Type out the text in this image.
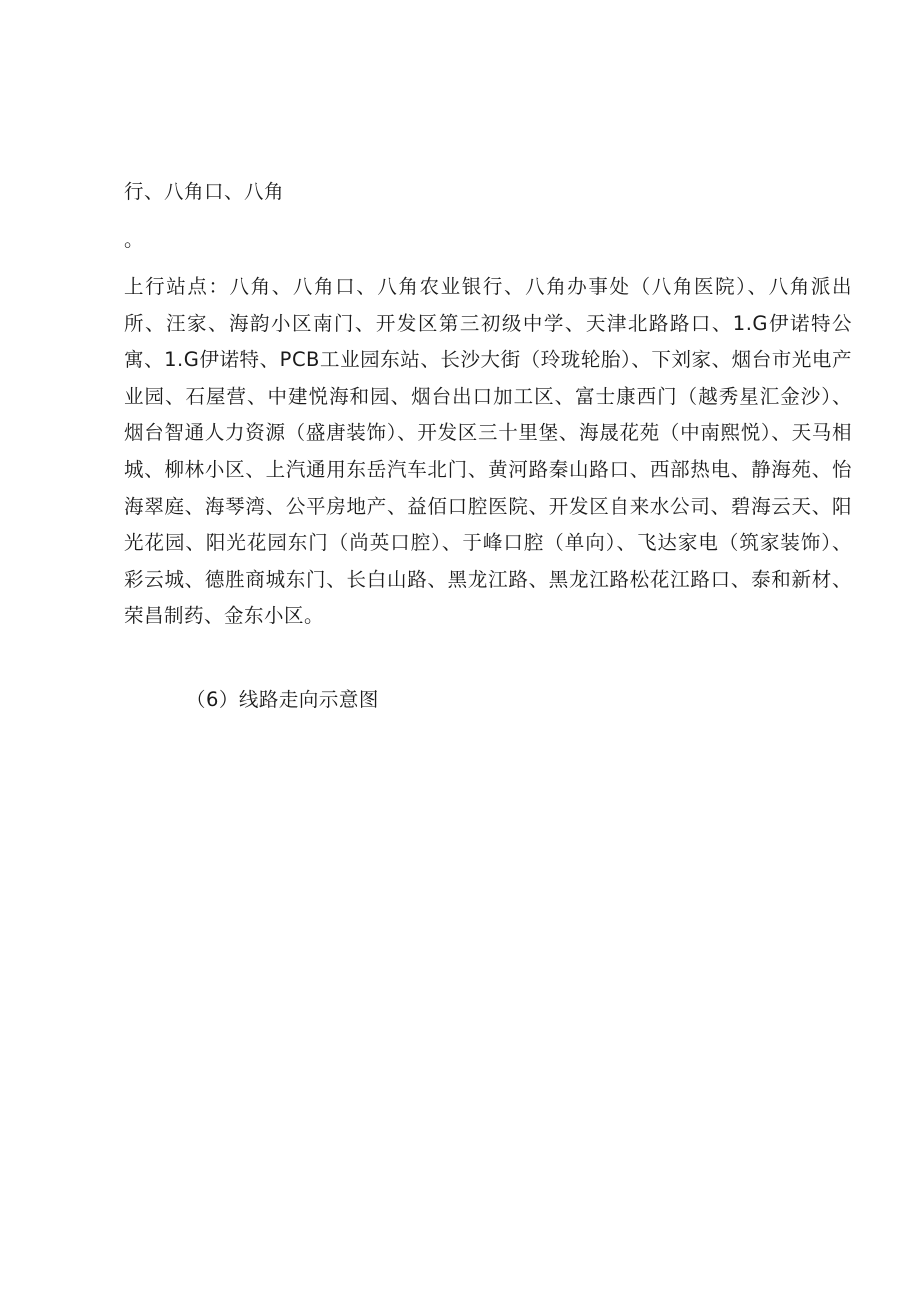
行、八角口、八角

。

上行站点：八角、八角口、八角农业银行、八角办事处（八角医院）、八角派出所、汪家、海韵小区南门、开发区第三初级中学、天津北路路口、1.G伊诺特公寓、1.G伊诺特、PCB工业园东站、长沙大街（玲珑轮胎）、下刘家、烟台市光电产业园、石屋营、中建悦海和园、烟台出口加工区、富士康西门（越秀星汇金沙）、烟台智通人力资源（盛唐装饰）、开发区三十里堡、海晟花苑（中南熙悦）、天马相城、柳林小区、上汽通用东岳汽车北门、黄河路秦山路口、西部热电、静海苑、怡海翠庭、海琴湾、公平房地产、益佰口腔医院、开发区自来水公司、碧海云天、阳光花园、阳光花园东门（尚英口腔）、于峰口腔（单向）、飞达家电（筑家装饰）、彩云城、德胜商城东门、长白山路、黑龙江路、黑龙江路松花江路口、泰和新材、荣昌制药、金东小区。

（6）线路走向示意图
